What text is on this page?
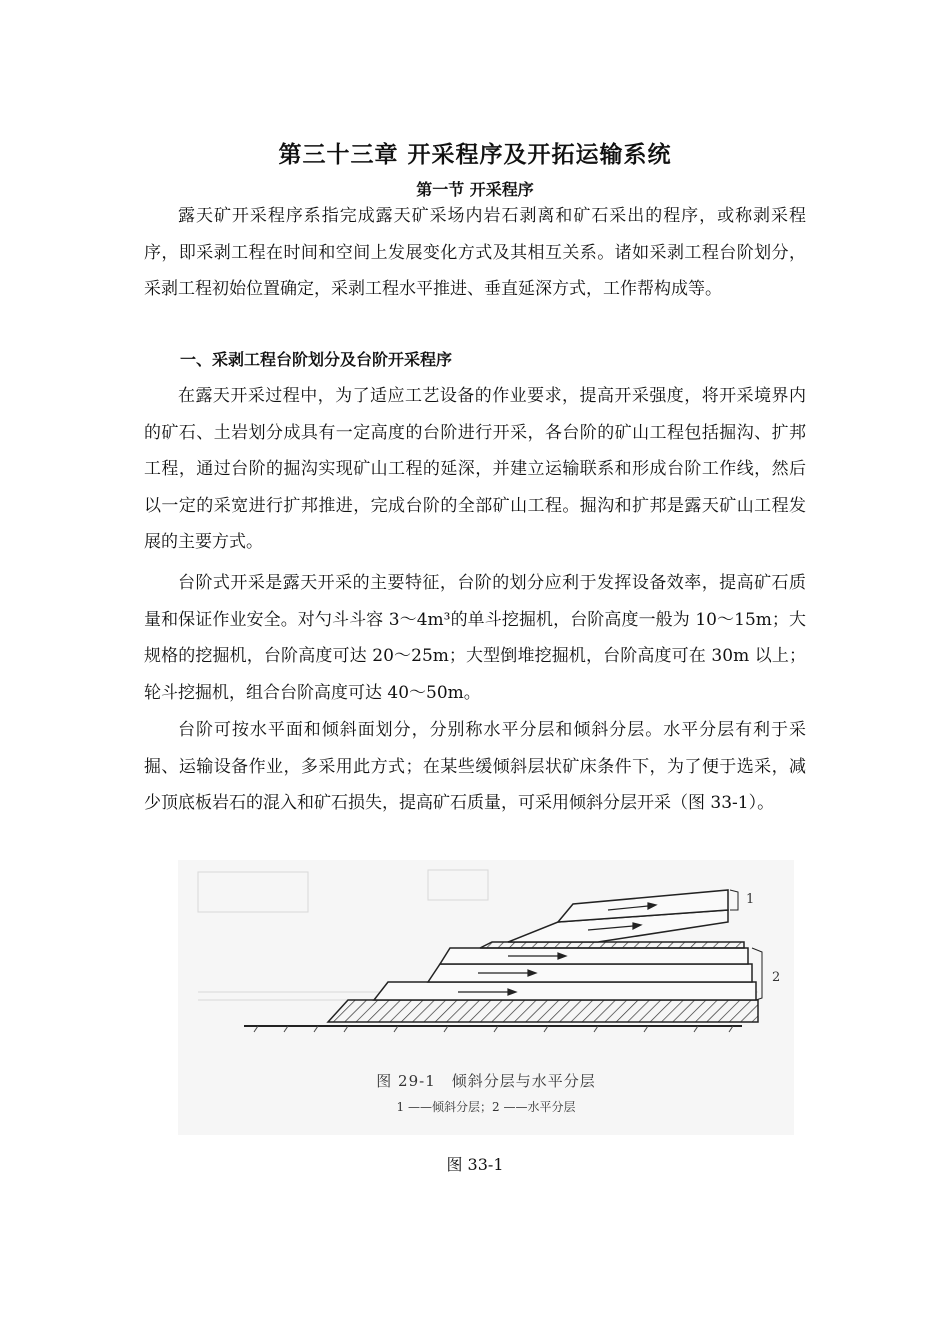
第三十三章 开采程序及开拓运输系统
第一节 开采程序

露天矿开采程序系指完成露天矿采场内岩石剥离和矿石采出的程序，或称剥采程序，即采剥工程在时间和空间上发展变化方式及其相互关系。诸如采剥工程台阶划分，采剥工程初始位置确定，采剥工程水平推进、垂直延深方式，工作帮构成等。

一、采剥工程台阶划分及台阶开采程序

在露天开采过程中，为了适应工艺设备的作业要求，提高开采强度，将开采境界内的矿石、土岩划分成具有一定高度的台阶进行开采，各台阶的矿山工程包括掘沟、扩邦工程，通过台阶的掘沟实现矿山工程的延深，并建立运输联系和形成台阶工作线，然后以一定的采宽进行扩邦推进，完成台阶的全部矿山工程。掘沟和扩邦是露天矿山工程发展的主要方式。

台阶式开采是露天开采的主要特征，台阶的划分应利于发挥设备效率，提高矿石质量和保证作业安全。对勺斗斗容 3～4m³的单斗挖掘机，台阶高度一般为 10～15m；大规格的挖掘机，台阶高度可达 20～25m；大型倒堆挖掘机，台阶高度可在 30m 以上；轮斗挖掘机，组合台阶高度可达 40～50m。

台阶可按水平面和倾斜面划分，分别称水平分层和倾斜分层。水平分层有利于采掘、运输设备作业，多采用此方式；在某些缓倾斜层状矿床条件下，为了便于选采，减少顶底板岩石的混入和矿石损失，提高矿石质量，可采用倾斜分层开采（图 33-1）。

1
2
图 29-1　倾斜分层与水平分层
1 ——倾斜分层；2 ——水平分层
图 33-1
